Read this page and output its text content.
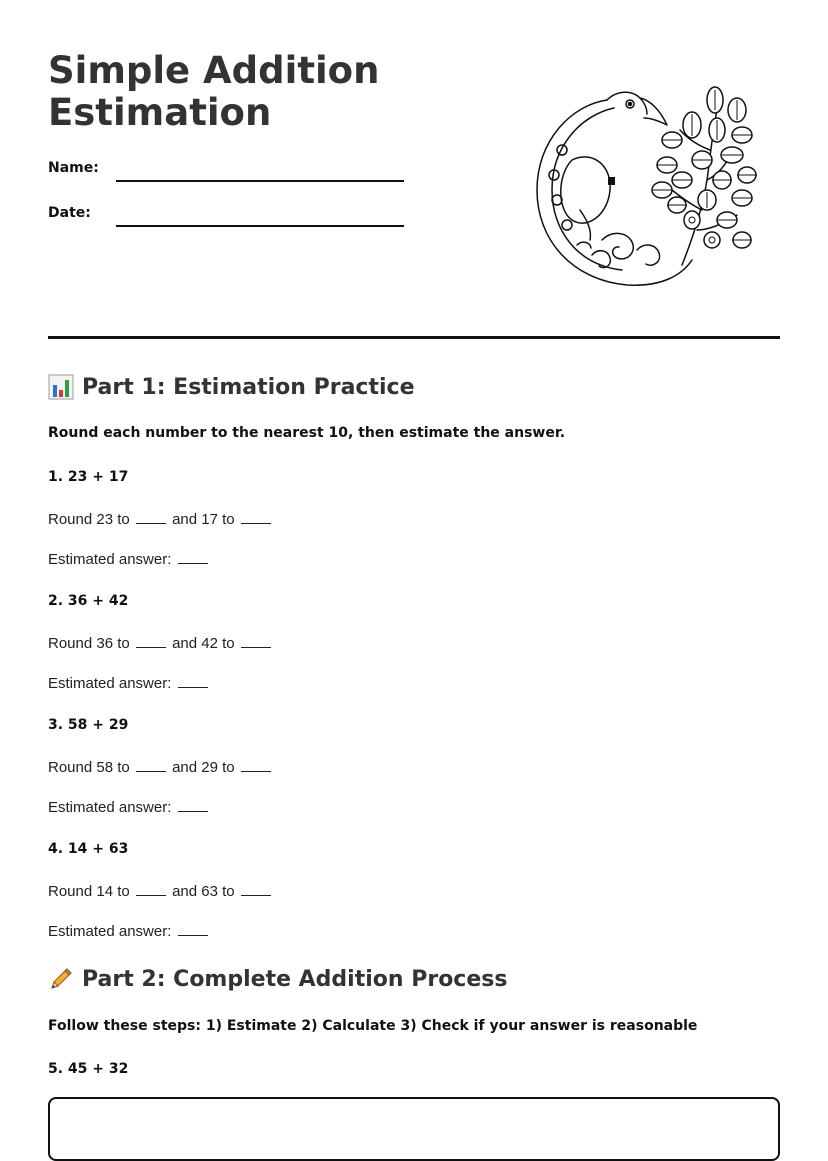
Simple Addition
Estimation
Name:
Date:
Part 1: Estimation Practice

Round each number to the nearest 10, then estimate the answer.

1. 23 + 17

Round 23 to	and 17 to

Estimated answer:

2. 36 + 42

Round 36 to	and 42 to

Estimated answer:

3. 58 + 29

Round 58 to	and 29 to

Estimated answer:

4. 14 + 63

Round 14 to	and 63 to

Estimated answer:

Part 2: Complete Addition Process

Follow these steps: 1) Estimate 2) Calculate 3) Check if your answer is reasonable

5. 45 + 32
